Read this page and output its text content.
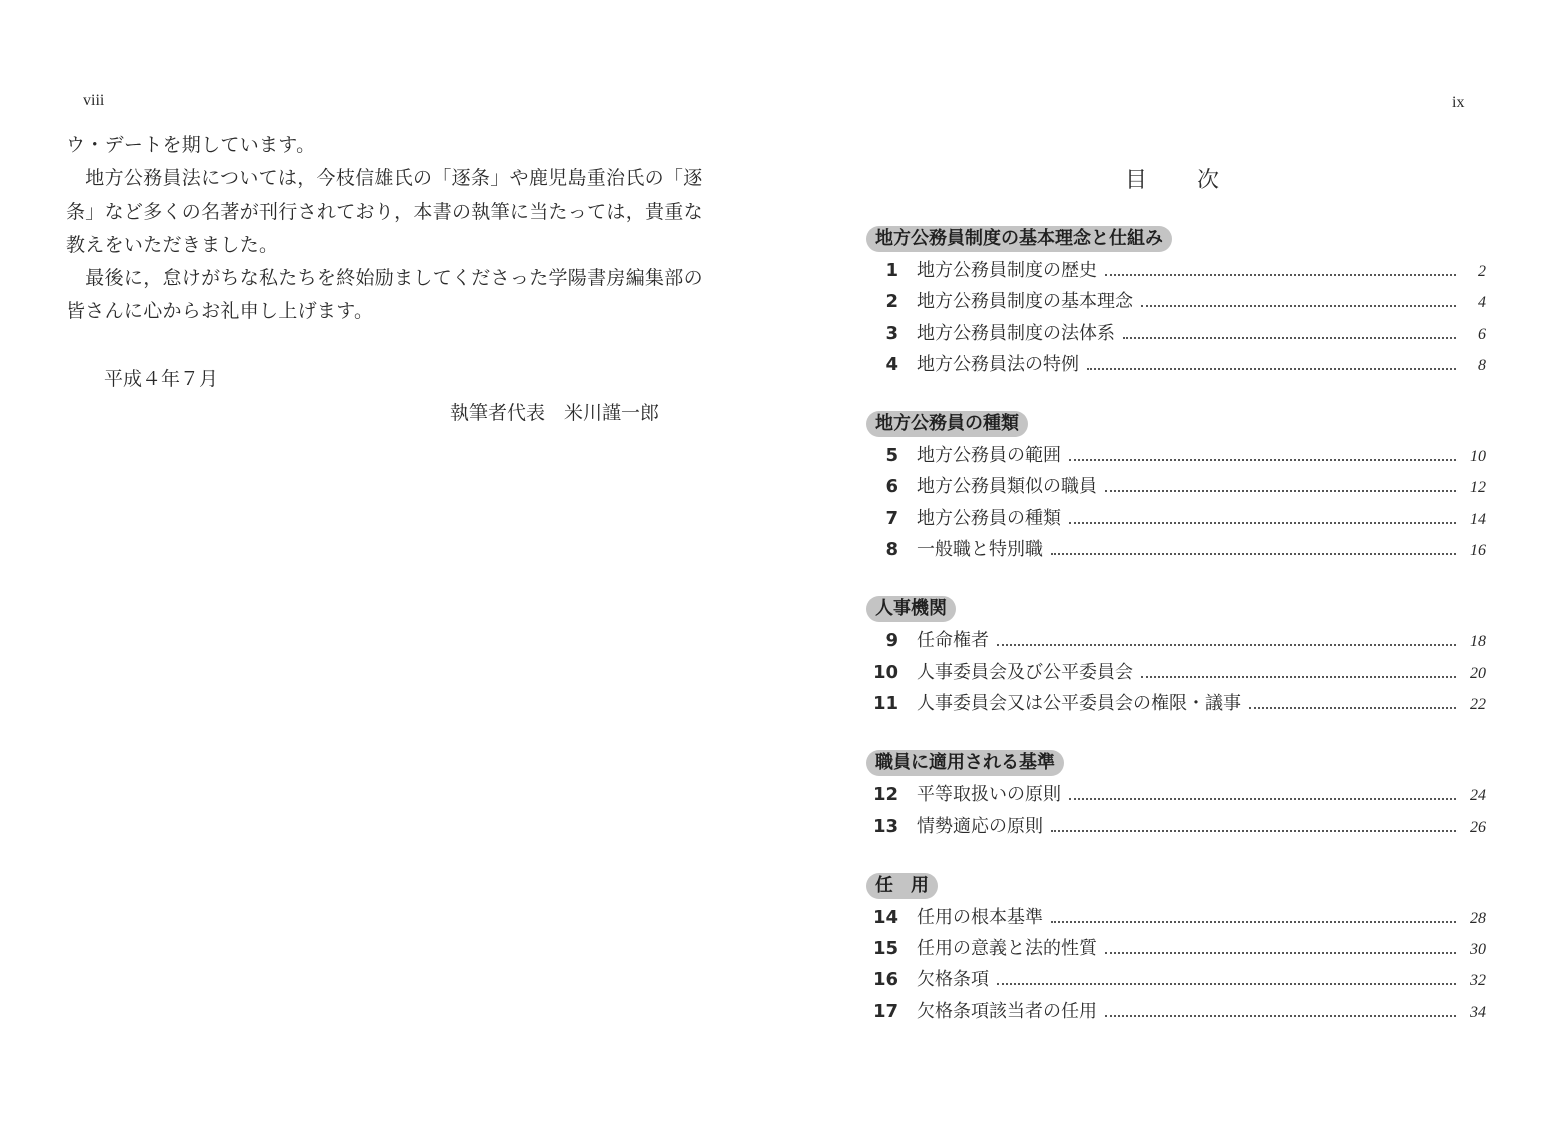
viii

ウ・デートを期しています。

　地方公務員法については，今枝信雄氏の「逐条」や鹿児島重治氏の「逐

条」など多くの名著が刊行されており，本書の執筆に当たっては，貴重な

教えをいただきました。

　最後に，怠けがちな私たちを終始励ましてくださった学陽書房編集部の

皆さんに心からお礼申し上げます。

平成４年７月
執筆者代表　米川謹一郎
ix
目次
地方公務員制度の基本理念と仕組み
1 地方公務員制度の歴史	2
2 地方公務員制度の基本理念	4
3 地方公務員制度の法体系	6
4 地方公務員法の特例	8
地方公務員の種類
5 地方公務員の範囲	10
6 地方公務員類似の職員	12
7 地方公務員の種類	14
8 一般職と特別職	16
人事機関
9 任命権者	18
10 人事委員会及び公平委員会	20
11 人事委員会又は公平委員会の権限・議事	22
職員に適用される基準
12 平等取扱いの原則	24
13 情勢適応の原則	26
任　用
14 任用の根本基準	28
15 任用の意義と法的性質	30
16 欠格条項	32
17 欠格条項該当者の任用	34
